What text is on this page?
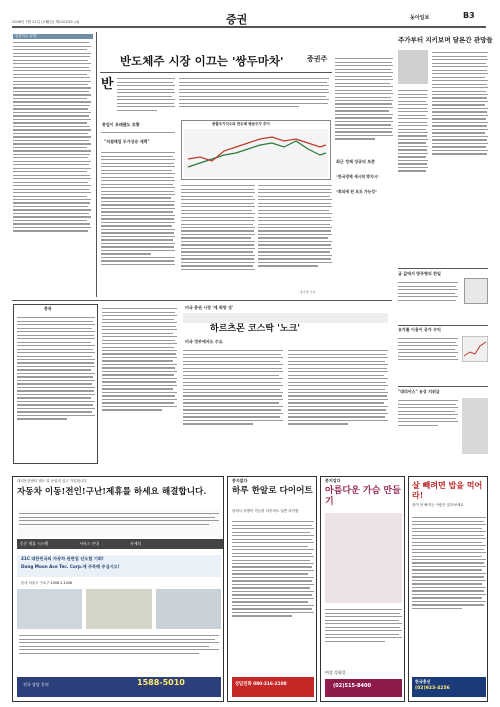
2008년 7월 21일 (月曜日) 제12029호 (4)	증권	동아일보	B3
업종지수 동향
반도체주 시장 이끄는 '쌍두마차'	증권주
반
종업이 초래됐도 호황
"저점매입 두가상승 세력"
종합주가지수와 반도체 평균주가 추이
홍수영 기자
최근 정제 성공의 보존
"한국경제 세시적 방지시"
"회의에 된 호조 가능성"
주가부터 지키보며 달론간 관망들
금 값에서 방주형의 한일
유가를 이용이 공가 수익
"대리어스" 유상 지위급
종목	미국 증권 시장 '에 희망 성'
하르츠몬 코스탁 '노크'
미국 정부에서도 수요
대리운전센터 렌트 및 동업의 입고 가입합니다
자동차 이동!전인!구난!제휴를 하세요 해결합니다.
동문 제휴 시스템	서비스 안내	자세히
21C 대한민국의 자동차 관련업 선도할 기회!
Dong Moon Ace Tec. Corp.에 주목해 주십시오!
본사 서울시 구로구 2008 2-1008
전국 상담 문의	1588-5010
풍지없다
하루 한알로 다이어트
한의사 처방이 가능한 다이어트 일반 의약품
상담전화 080-316-2100
풍지업다
아름다운 가슴 만들기
여성 성형클
(02)515-8400
살 빼려면 밥을 먹어라!
살이 안 빠지는 사람은 읽어보세요
한국홍선
(02)923-4256
